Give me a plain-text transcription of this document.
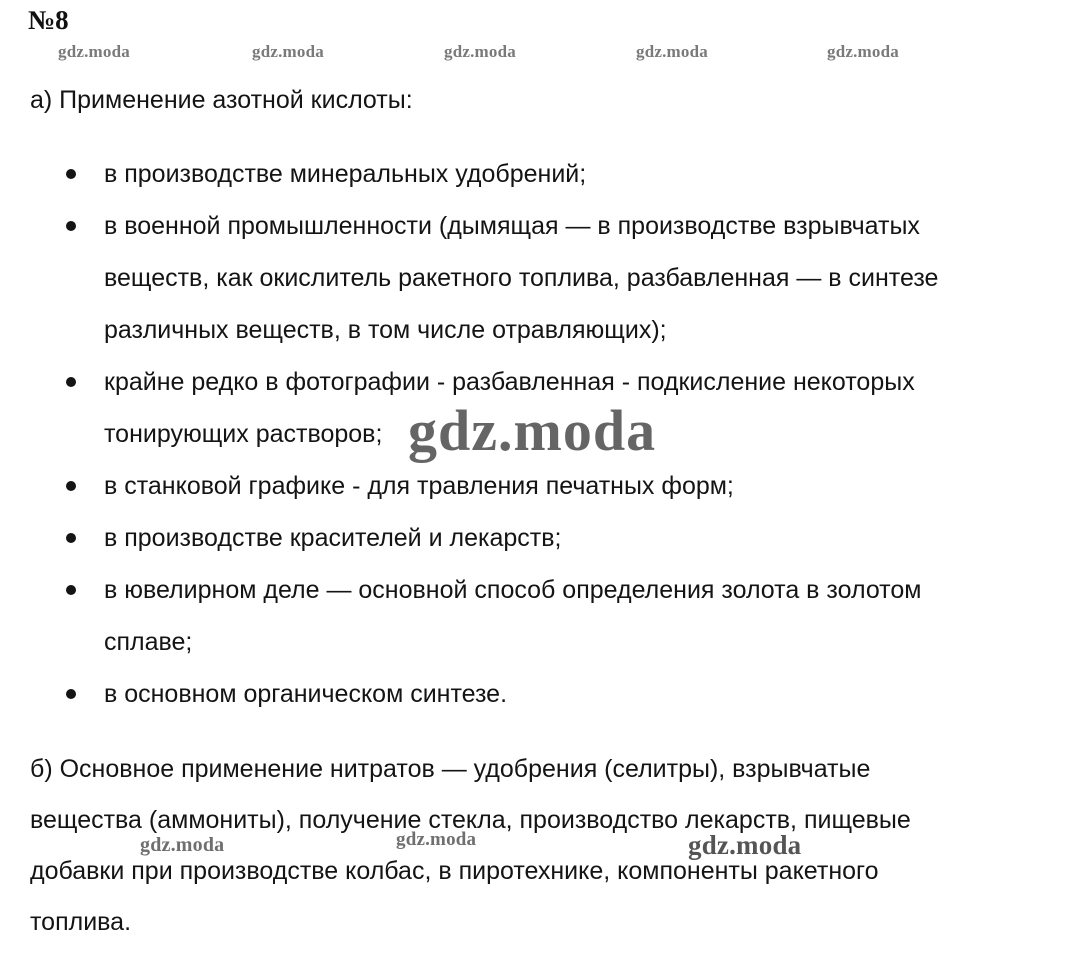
№8
gdz.moda	gdz.moda	gdz.moda	gdz.moda	gdz.moda
а) Применение азотной кислоты:
в производстве минеральных удобрений;
в военной промышленности (дымящая — в производстве взрывчатых
веществ, как окислитель ракетного топлива, разбавленная — в синтезе
различных веществ, в том числе отравляющих);
крайне редко в фотографии - разбавленная - подкисление некоторых
тонирующих растворов;
в станковой графике - для травления печатных форм;
в производстве красителей и лекарств;
в ювелирном деле — основной способ определения золота в золотом
сплаве;
в основном органическом синтезе.
gdz.moda

б) Основное применение нитратов — удобрения (селитры), взрывчатые
вещества (аммониты), получение стекла, производство лекарств, пищевые
добавки при производстве колбас, в пиротехнике, компоненты ракетного
топлива.

gdz.moda	gdz.moda	gdz.moda
